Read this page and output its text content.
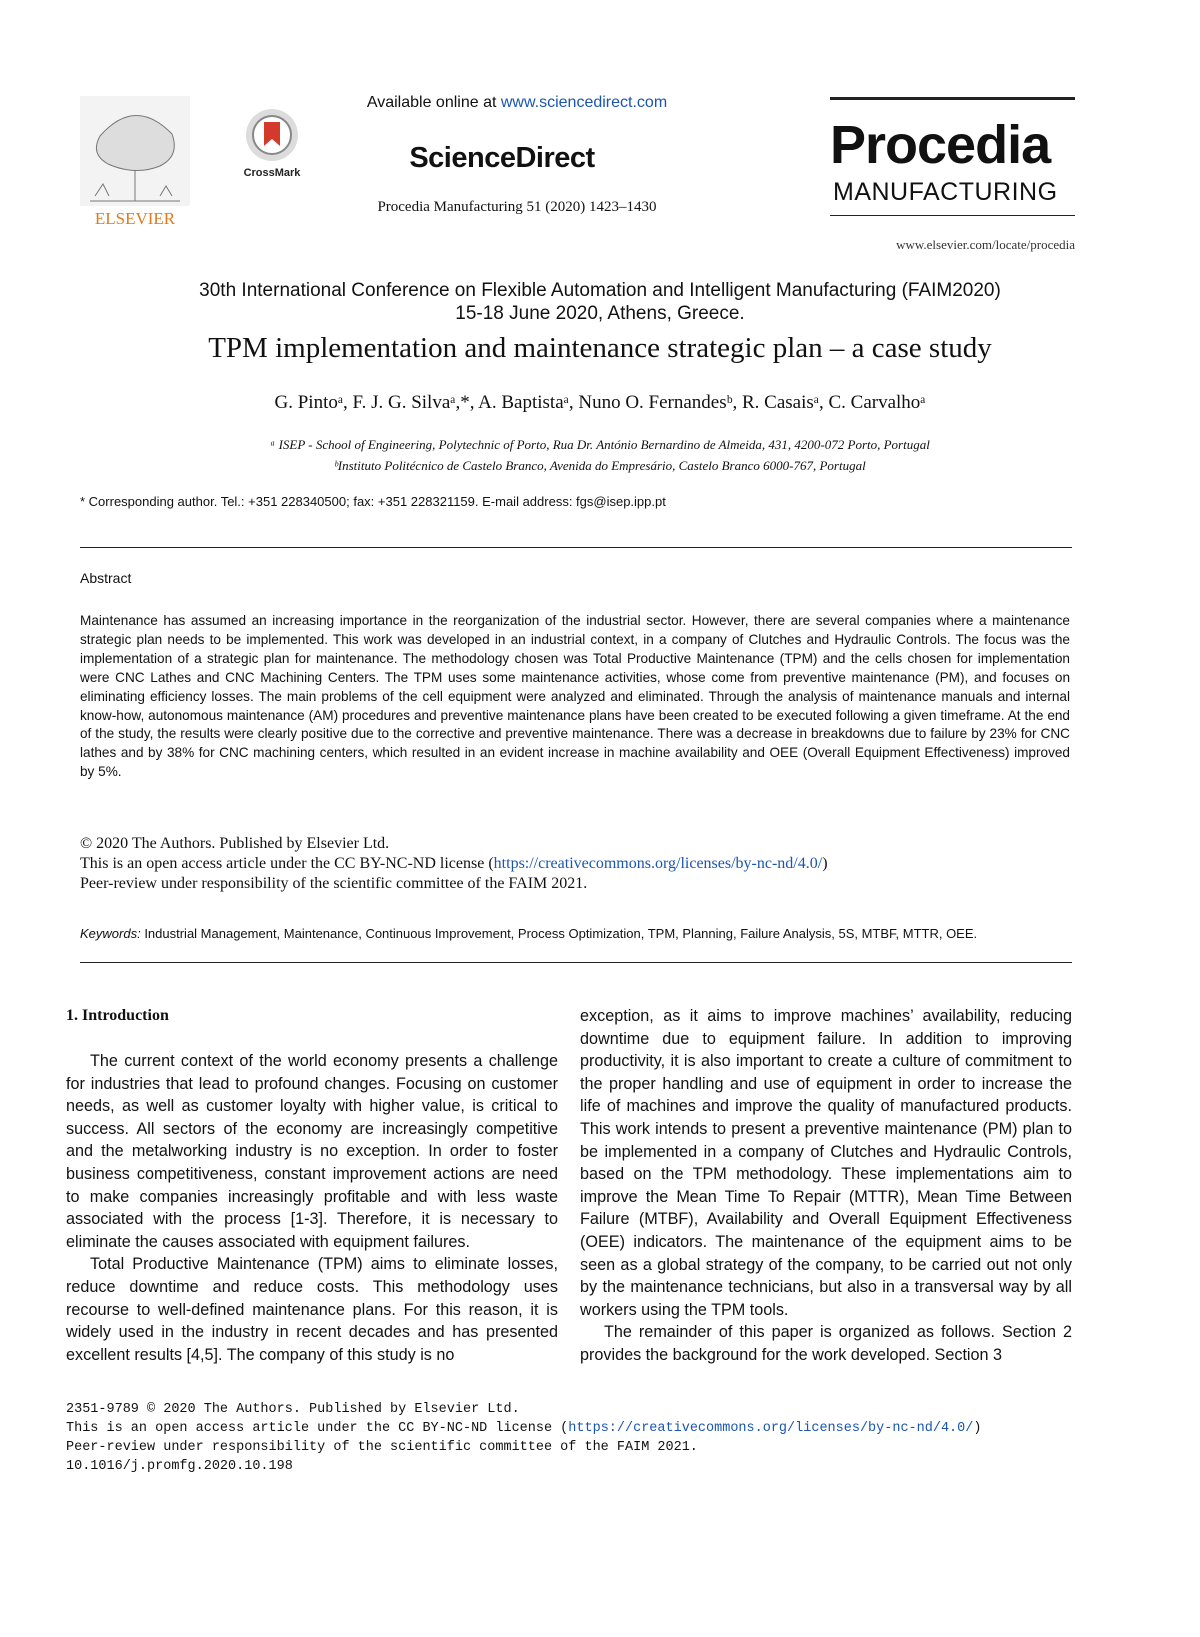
ELSEVIER
CrossMark
Available online at www.sciencedirect.com
ScienceDirect
Procedia Manufacturing 51 (2020) 1423–1430
Procedia
MANUFACTURING
www.elsevier.com/locate/procedia
30th International Conference on Flexible Automation and Intelligent Manufacturing (FAIM2020)
15-18 June 2020, Athens, Greece.
TPM implementation and maintenance strategic plan – a case study
G. Pintoᵃ, F. J. G. Silvaᵃ,*, A. Baptistaᵃ, Nuno O. Fernandesᵇ, R. Casaisᵃ, C. Carvalhoᵃ
ᵃ ISEP - School of Engineering, Polytechnic of Porto, Rua Dr. António Bernardino de Almeida, 431, 4200-072 Porto, Portugal
ᵇInstituto Politécnico de Castelo Branco, Avenida do Empresário, Castelo Branco 6000-767, Portugal
* Corresponding author. Tel.: +351 228340500; fax: +351 228321159. E-mail address: fgs@isep.ipp.pt
Abstract
Maintenance has assumed an increasing importance in the reorganization of the industrial sector. However, there are several companies where a maintenance strategic plan needs to be implemented. This work was developed in an industrial context, in a company of Clutches and Hydraulic Controls. The focus was the implementation of a strategic plan for maintenance. The methodology chosen was Total Productive Maintenance (TPM) and the cells chosen for implementation were CNC Lathes and CNC Machining Centers. The TPM uses some maintenance activities, whose come from preventive maintenance (PM), and focuses on eliminating efficiency losses. The main problems of the cell equipment were analyzed and eliminated. Through the analysis of maintenance manuals and internal know-how, autonomous maintenance (AM) procedures and preventive maintenance plans have been created to be executed following a given timeframe. At the end of the study, the results were clearly positive due to the corrective and preventive maintenance. There was a decrease in breakdowns due to failure by 23% for CNC lathes and by 38% for CNC machining centers, which resulted in an evident increase in machine availability and OEE (Overall Equipment Effectiveness) improved by 5%.
© 2020 The Authors. Published by Elsevier Ltd.
This is an open access article under the CC BY-NC-ND license (https://creativecommons.org/licenses/by-nc-nd/4.0/)
Peer-review under responsibility of the scientific committee of the FAIM 2021.
Keywords: Industrial Management, Maintenance, Continuous Improvement, Process Optimization, TPM, Planning, Failure Analysis, 5S, MTBF, MTTR, OEE.
1. Introduction

The current context of the world economy presents a challenge for industries that lead to profound changes. Focusing on customer needs, as well as customer loyalty with higher value, is critical to success. All sectors of the economy are increasingly competitive and the metalworking industry is no exception. In order to foster business competitiveness, constant improvement actions are need to make companies increasingly profitable and with less waste associated with the process [1-3]. Therefore, it is necessary to eliminate the causes associated with equipment failures.

Total Productive Maintenance (TPM) aims to eliminate losses, reduce downtime and reduce costs. This methodology uses recourse to well-defined maintenance plans. For this reason, it is widely used in the industry in recent decades and has presented excellent results [4,5]. The company of this study is no

exception, as it aims to improve machines’ availability, reducing downtime due to equipment failure. In addition to improving productivity, it is also important to create a culture of commitment to the proper handling and use of equipment in order to increase the life of machines and improve the quality of manufactured products. This work intends to present a preventive maintenance (PM) plan to be implemented in a company of Clutches and Hydraulic Controls, based on the TPM methodology. These implementations aim to improve the Mean Time To Repair (MTTR), Mean Time Between Failure (MTBF), Availability and Overall Equipment Effectiveness (OEE) indicators. The maintenance of the equipment aims to be seen as a global strategy of the company, to be carried out not only by the maintenance technicians, but also in a transversal way by all workers using the TPM tools.

The remainder of this paper is organized as follows. Section 2 provides the background for the work developed. Section 3

2351-9789 © 2020 The Authors. Published by Elsevier Ltd.
This is an open access article under the CC BY-NC-ND license (https://creativecommons.org/licenses/by-nc-nd/4.0/)
Peer-review under responsibility of the scientific committee of the FAIM 2021.
10.1016/j.promfg.2020.10.198
